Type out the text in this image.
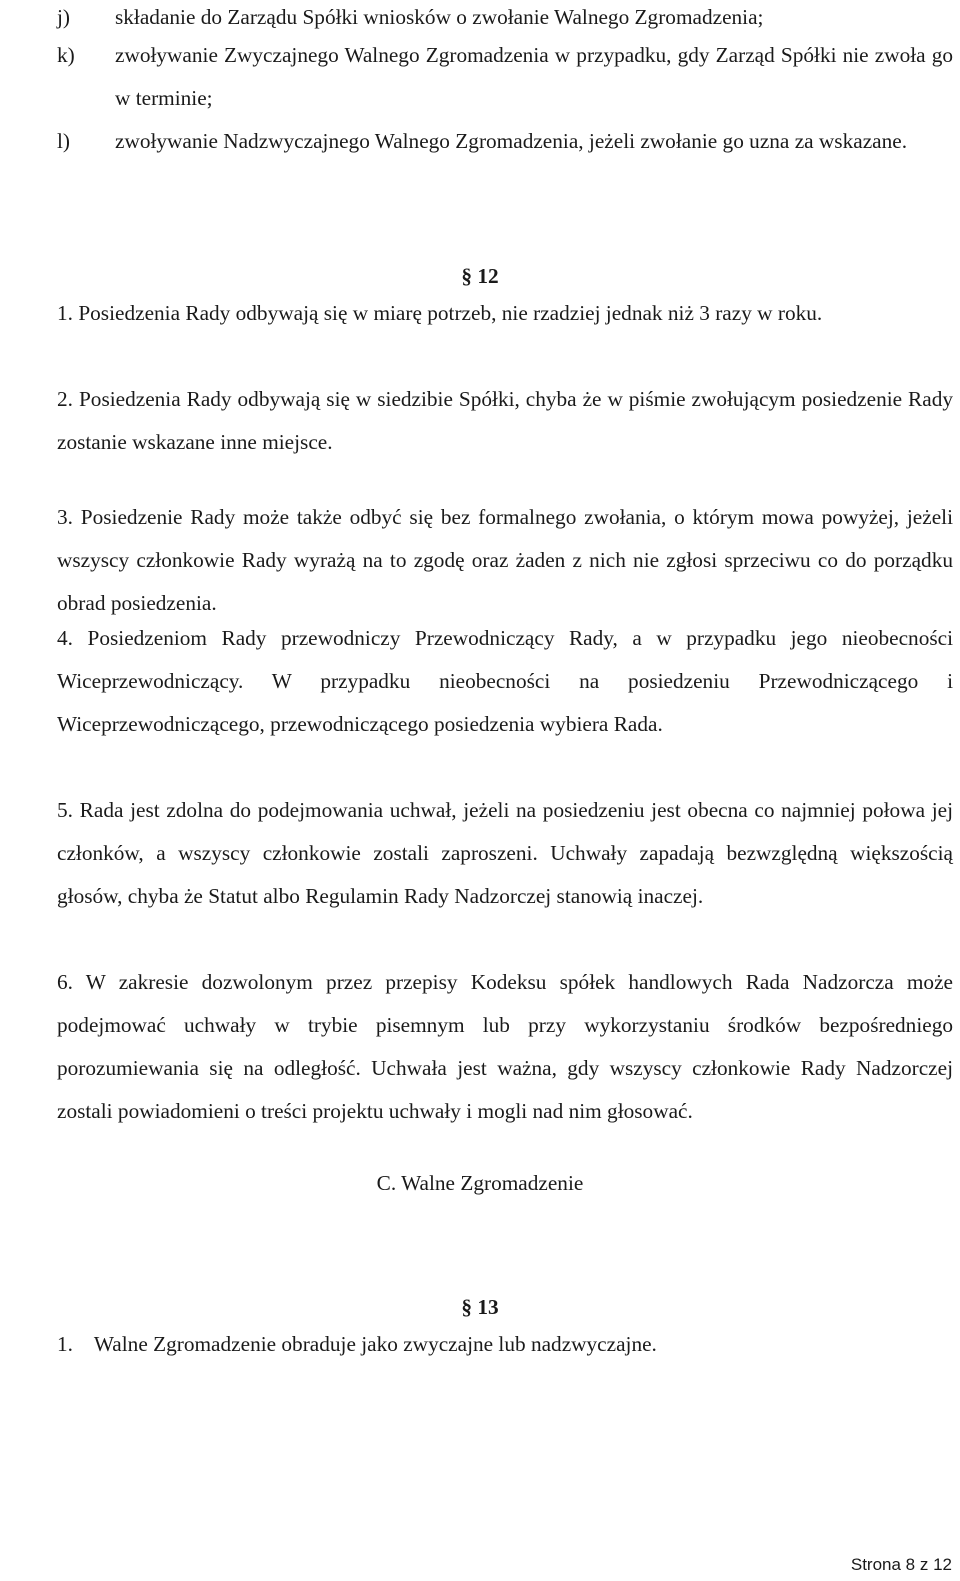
j) składanie do Zarządu Spółki wniosków o zwołanie Walnego Zgromadzenia;
k) zwoływanie Zwyczajnego Walnego Zgromadzenia w przypadku, gdy Zarząd Spółki nie zwoła go w terminie;
l) zwoływanie Nadzwyczajnego Walnego Zgromadzenia, jeżeli zwołanie go uzna za wskazane.
§ 12
1. Posiedzenia Rady odbywają się w miarę potrzeb, nie rzadziej jednak niż 3 razy w roku.
2. Posiedzenia Rady odbywają się w siedzibie Spółki, chyba że w piśmie zwołującym posiedzenie Rady zostanie wskazane inne miejsce.
3. Posiedzenie Rady może także odbyć się bez formalnego zwołania, o którym mowa powyżej, jeżeli wszyscy członkowie Rady wyrażą na to zgodę oraz żaden z nich nie zgłosi sprzeciwu co do porządku obrad posiedzenia.
4. Posiedzeniom Rady przewodniczy Przewodniczący Rady, a w przypadku jego nieobecności Wiceprzewodniczący. W przypadku nieobecności na posiedzeniu Przewodniczącego i Wiceprzewodniczącego, przewodniczącego posiedzenia wybiera Rada.
5. Rada jest zdolna do podejmowania uchwał, jeżeli na posiedzeniu jest obecna co najmniej połowa jej członków, a wszyscy członkowie zostali zaproszeni. Uchwały zapadają bezwzględną większością głosów, chyba że Statut albo Regulamin Rady Nadzorczej stanowią inaczej.
6. W zakresie dozwolonym przez przepisy Kodeksu spółek handlowych Rada Nadzorcza może podejmować uchwały w trybie pisemnym lub przy wykorzystaniu środków bezpośredniego porozumiewania się na odległość. Uchwała jest ważna, gdy wszyscy członkowie Rady Nadzorczej zostali powiadomieni o treści projektu uchwały i mogli nad nim głosować.
C. Walne Zgromadzenie
§ 13
1. Walne Zgromadzenie obraduje jako zwyczajne lub nadzwyczajne.
Strona 8 z 12
